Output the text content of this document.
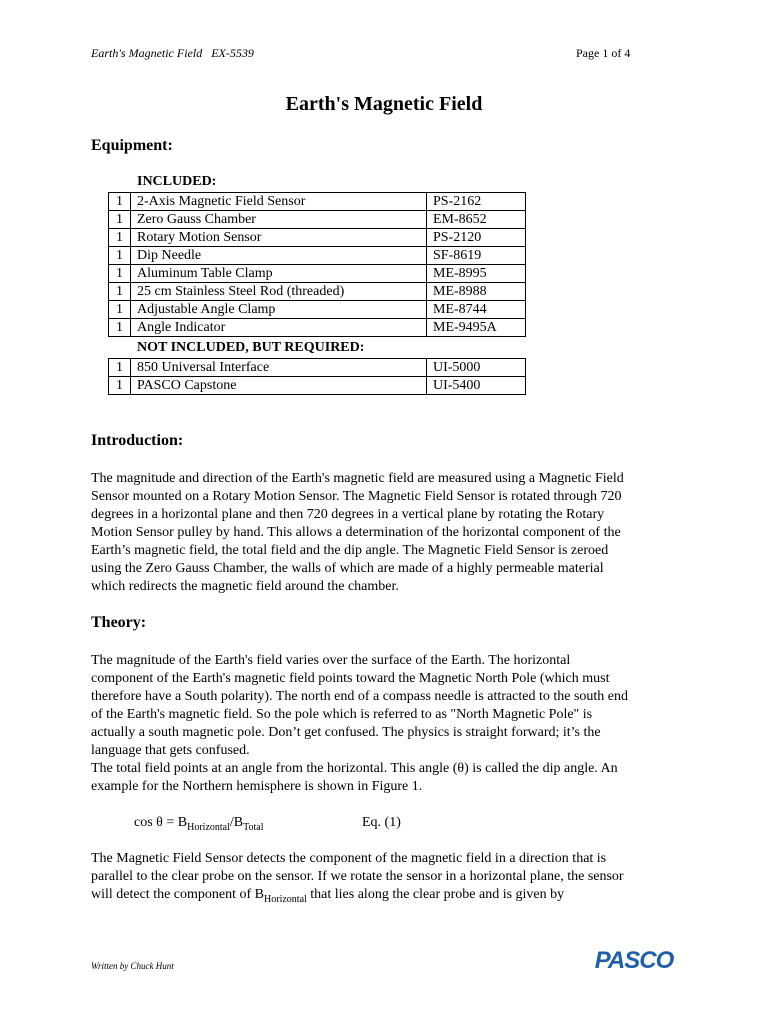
Earth's Magnetic Field   EX-5539	Page 1 of 4
Earth's Magnetic Field
Equipment:
INCLUDED:
1	2-Axis Magnetic Field Sensor	PS-2162
1	Zero Gauss Chamber	EM-8652
1	Rotary Motion Sensor	PS-2120
1	Dip Needle	SF-8619
1	Aluminum Table Clamp	ME-8995
1	25 cm Stainless Steel Rod (threaded)	ME-8988
1	Adjustable Angle Clamp	ME-8744
1	Angle Indicator	ME-9495A
NOT INCLUDED, BUT REQUIRED:
1	850 Universal Interface	UI-5000
1	PASCO Capstone	UI-5400
Introduction:
The magnitude and direction of the Earth's magnetic field are measured using a Magnetic Field
Sensor mounted on a Rotary Motion Sensor. The Magnetic Field Sensor is rotated through 720
degrees in a horizontal plane and then 720 degrees in a vertical plane by rotating the Rotary
Motion Sensor pulley by hand. This allows a determination of the horizontal component of the
Earth’s magnetic field, the total field and the dip angle. The Magnetic Field Sensor is zeroed
using the Zero Gauss Chamber, the walls of which are made of a highly permeable material
which redirects the magnetic field around the chamber.
Theory:
The magnitude of the Earth's field varies over the surface of the Earth. The horizontal
component of the Earth's magnetic field points toward the Magnetic North Pole (which must
therefore have a South polarity). The north end of a compass needle is attracted to the south end
of the Earth's magnetic field. So the pole which is referred to as "North Magnetic Pole" is
actually a south magnetic pole. Don’t get confused. The physics is straight forward; it’s the
language that gets confused.
The total field points at an angle from the horizontal. This angle (θ) is called the dip angle. An
example for the Northern hemisphere is shown in Figure 1.
$\cos \theta = B_{Horizontal}/B_{Total}$	Eq. (1)
The Magnetic Field Sensor detects the component of the magnetic field in a direction that is
parallel to the clear probe on the sensor. If we rotate the sensor in a horizontal plane, the sensor
will detect the component of $B_{Horizontal}$ that lies along the clear probe and is given by
Written by Chuck Hunt	PASCO
